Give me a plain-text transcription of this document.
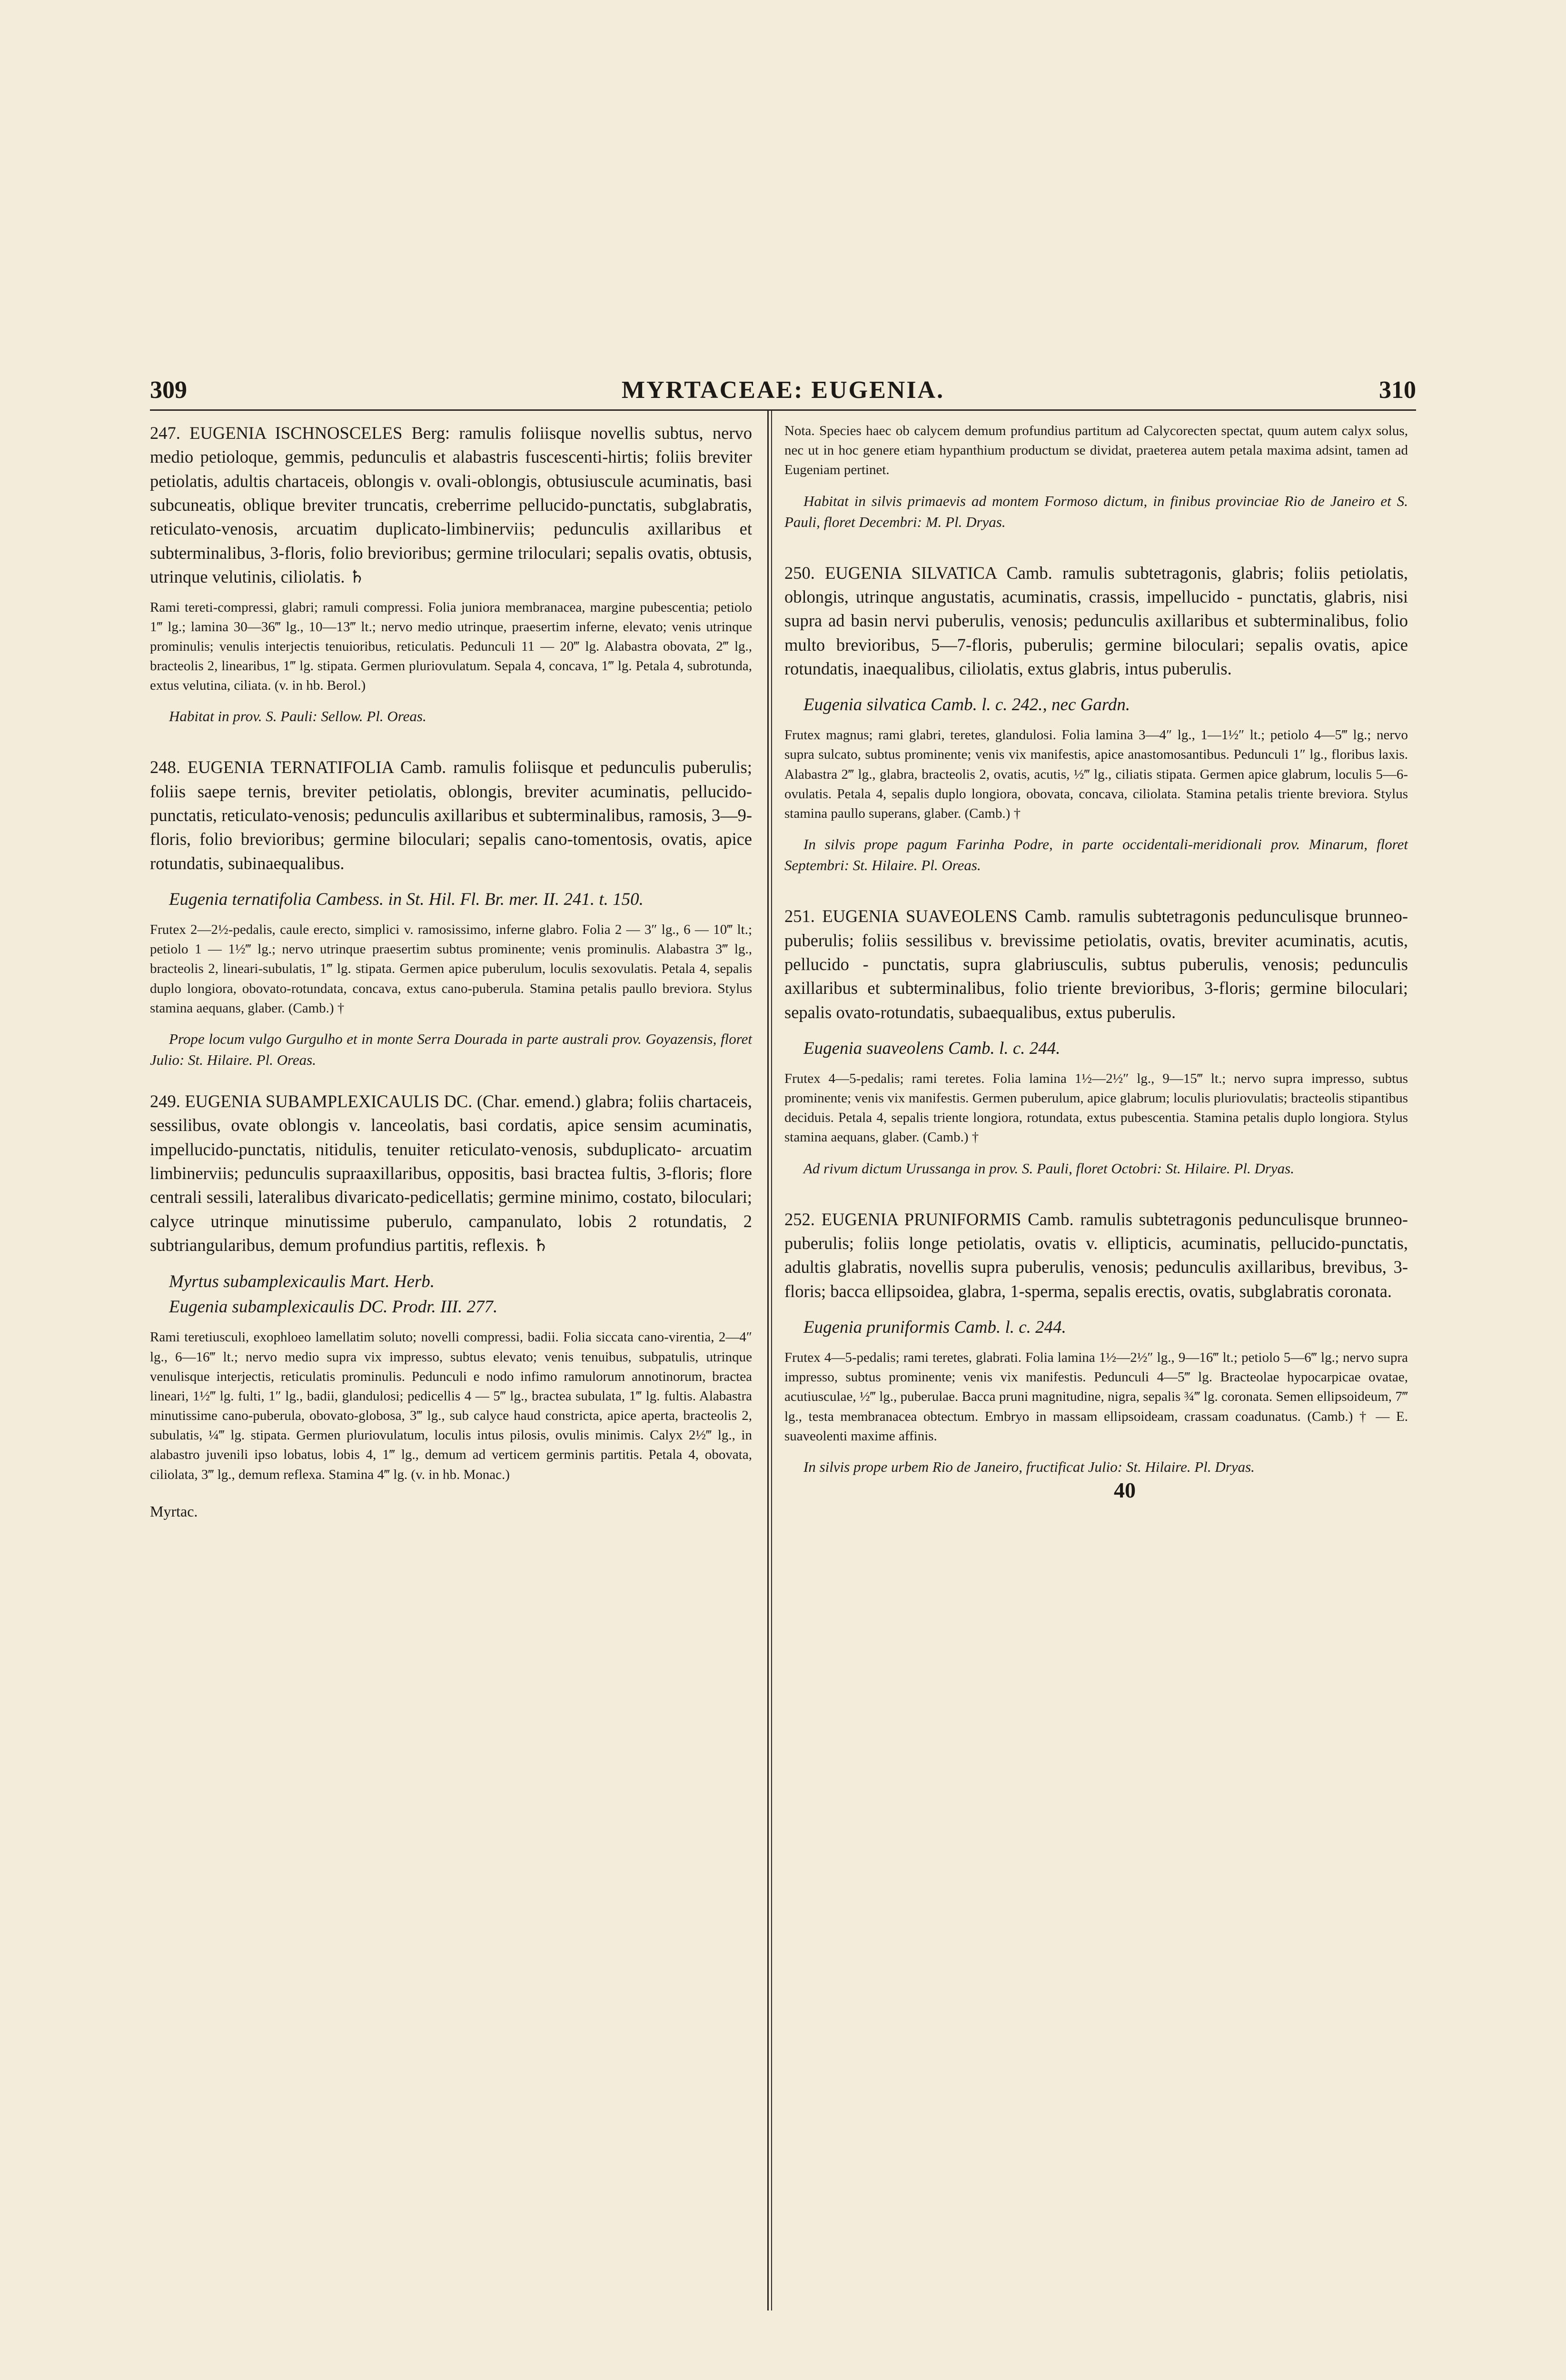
309	MYRTACEAE: EUGENIA.	310

247. EUGENIA ISCHNOSCELES Berg: ramulis foliisque novellis subtus, nervo medio petioloque, gemmis, pedunculis et alabastris fuscescenti-hirtis; foliis breviter petiolatis, adultis chartaceis, oblongis v. ovali-oblongis, obtusiuscule acuminatis, basi subcuneatis, oblique breviter truncatis, creberrime pellucido-punctatis, subglabratis, reticulato-venosis, arcuatim duplicato-limbinerviis; pedunculis axillaribus et subterminalibus, 3-floris, folio brevioribus; germine triloculari; sepalis ovatis, obtusis, utrinque velutinis, ciliolatis. ♄

Rami tereti-compressi, glabri; ramuli compressi. Folia juniora membranacea, margine pubescentia; petiolo 1‴ lg.; lamina 30—36‴ lg., 10—13‴ lt.; nervo medio utrinque, praesertim inferne, elevato; venis utrinque prominulis; venulis interjectis tenuioribus, reticulatis. Pedunculi 11 — 20‴ lg. Alabastra obovata, 2‴ lg., bracteolis 2, linearibus, 1‴ lg. stipata. Germen pluriovulatum. Sepala 4, concava, 1‴ lg. Petala 4, subrotunda, extus velutina, ciliata. (v. in hb. Berol.)

Habitat in prov. S. Pauli: Sellow. Pl. Oreas.

248. EUGENIA TERNATIFOLIA Camb. ramulis foliisque et pedunculis puberulis; foliis saepe ternis, breviter petiolatis, oblongis, breviter acuminatis, pellucido-punctatis, reticulato-venosis; pedunculis axillaribus et subterminalibus, ramosis, 3—9-floris, folio brevioribus; germine biloculari; sepalis cano-tomentosis, ovatis, apice rotundatis, subinaequalibus.

Eugenia ternatifolia Cambess. in St. Hil. Fl. Br. mer. II. 241. t. 150.

Frutex 2—2½-pedalis, caule erecto, simplici v. ramosissimo, inferne glabro. Folia 2 — 3″ lg., 6 — 10‴ lt.; petiolo 1 — 1½‴ lg.; nervo utrinque praesertim subtus prominente; venis prominulis. Alabastra 3‴ lg., bracteolis 2, lineari-subulatis, 1‴ lg. stipata. Germen apice puberulum, loculis sexovulatis. Petala 4, sepalis duplo longiora, obovato-rotundata, concava, extus cano-puberula. Stamina petalis paullo breviora. Stylus stamina aequans, glaber. (Camb.) †

Prope locum vulgo Gurgulho et in monte Serra Dourada in parte australi prov. Goyazensis, floret Julio: St. Hilaire. Pl. Oreas.

249. EUGENIA SUBAMPLEXICAULIS DC. (Char. emend.) glabra; foliis chartaceis, sessilibus, ovate oblongis v. lanceolatis, basi cordatis, apice sensim acuminatis, impellucido-punctatis, nitidulis, tenuiter reticulato-venosis, subduplicato- arcuatim limbinerviis; pedunculis supraaxillaribus, oppositis, basi bractea fultis, 3-floris; flore centrali sessili, lateralibus divaricato-pedicellatis; germine minimo, costato, biloculari; calyce utrinque minutissime puberulo, campanulato, lobis 2 rotundatis, 2 subtriangularibus, demum profundius partitis, reflexis. ♄

Myrtus subamplexicaulis Mart. Herb.

Eugenia subamplexicaulis DC. Prodr. III. 277.

Rami teretiusculi, exophloeo lamellatim soluto; novelli compressi, badii. Folia siccata cano-virentia, 2—4″ lg., 6—16‴ lt.; nervo medio supra vix impresso, subtus elevato; venis tenuibus, subpatulis, utrinque venulisque interjectis, reticulatis prominulis. Pedunculi e nodo infimo ramulorum annotinorum, bractea lineari, 1½‴ lg. fulti, 1″ lg., badii, glandulosi; pedicellis 4 — 5‴ lg., bractea subulata, 1‴ lg. fultis. Alabastra minutissime cano-puberula, obovato-globosa, 3‴ lg., sub calyce haud constricta, apice aperta, bracteolis 2, subulatis, ¼‴ lg. stipata. Germen pluriovulatum, loculis intus pilosis, ovulis minimis. Calyx 2½‴ lg., in alabastro juvenili ipso lobatus, lobis 4, 1‴ lg., demum ad verticem germinis partitis. Petala 4, obovata, ciliolata, 3‴ lg., demum reflexa. Stamina 4‴ lg. (v. in hb. Monac.)

Myrtac.

Nota. Species haec ob calycem demum profundius partitum ad Calycorecten spectat, quum autem calyx solus, nec ut in hoc genere etiam hypanthium productum se dividat, praeterea autem petala maxima adsint, tamen ad Eugeniam pertinet.

Habitat in silvis primaevis ad montem Formoso dictum, in finibus provinciae Rio de Janeiro et S. Pauli, floret Decembri: M. Pl. Dryas.

250. EUGENIA SILVATICA Camb. ramulis subtetragonis, glabris; foliis petiolatis, oblongis, utrinque angustatis, acuminatis, crassis, impellucido - punctatis, glabris, nisi supra ad basin nervi puberulis, venosis; pedunculis axillaribus et subterminalibus, folio multo brevioribus, 5—7-floris, puberulis; germine biloculari; sepalis ovatis, apice rotundatis, inaequalibus, ciliolatis, extus glabris, intus puberulis.

Eugenia silvatica Camb. l. c. 242., nec Gardn.

Frutex magnus; rami glabri, teretes, glandulosi. Folia lamina 3—4″ lg., 1—1½″ lt.; petiolo 4—5‴ lg.; nervo supra sulcato, subtus prominente; venis vix manifestis, apice anastomosantibus. Pedunculi 1″ lg., floribus laxis. Alabastra 2‴ lg., glabra, bracteolis 2, ovatis, acutis, ½‴ lg., ciliatis stipata. Germen apice glabrum, loculis 5—6-ovulatis. Petala 4, sepalis duplo longiora, obovata, concava, ciliolata. Stamina petalis triente breviora. Stylus stamina paullo superans, glaber. (Camb.) †

In silvis prope pagum Farinha Podre, in parte occidentali-meridionali prov. Minarum, floret Septembri: St. Hilaire. Pl. Oreas.

251. EUGENIA SUAVEOLENS Camb. ramulis subtetragonis pedunculisque brunneo-puberulis; foliis sessilibus v. brevissime petiolatis, ovatis, breviter acuminatis, acutis, pellucido - punctatis, supra glabriusculis, subtus puberulis, venosis; pedunculis axillaribus et subterminalibus, folio triente brevioribus, 3-floris; germine biloculari; sepalis ovato-rotundatis, subaequalibus, extus puberulis.

Eugenia suaveolens Camb. l. c. 244.

Frutex 4—5-pedalis; rami teretes. Folia lamina 1½—2½″ lg., 9—15‴ lt.; nervo supra impresso, subtus prominente; venis vix manifestis. Germen puberulum, apice glabrum; loculis pluriovulatis; bracteolis stipantibus deciduis. Petala 4, sepalis triente longiora, rotundata, extus pubescentia. Stamina petalis duplo longiora. Stylus stamina aequans, glaber. (Camb.) †

Ad rivum dictum Urussanga in prov. S. Pauli, floret Octobri: St. Hilaire. Pl. Dryas.

252. EUGENIA PRUNIFORMIS Camb. ramulis subtetragonis pedunculisque brunneo-puberulis; foliis longe petiolatis, ovatis v. ellipticis, acuminatis, pellucido-punctatis, adultis glabratis, novellis supra puberulis, venosis; pedunculis axillaribus, brevibus, 3-floris; bacca ellipsoidea, glabra, 1-sperma, sepalis erectis, ovatis, subglabratis coronata.

Eugenia pruniformis Camb. l. c. 244.

Frutex 4—5-pedalis; rami teretes, glabrati. Folia lamina 1½—2½″ lg., 9—16‴ lt.; petiolo 5—6‴ lg.; nervo supra impresso, subtus prominente; venis vix manifestis. Pedunculi 4—5‴ lg. Bracteolae hypocarpicae ovatae, acutiusculae, ½‴ lg., puberulae. Bacca pruni magnitudine, nigra, sepalis ¾‴ lg. coronata. Semen ellipsoideum, 7‴ lg., testa membranacea obtectum. Embryo in massam ellipsoideam, crassam coadunatus. (Camb.) † — E. suaveolenti maxime affinis.

In silvis prope urbem Rio de Janeiro, fructificat Julio: St. Hilaire. Pl. Dryas.

40
